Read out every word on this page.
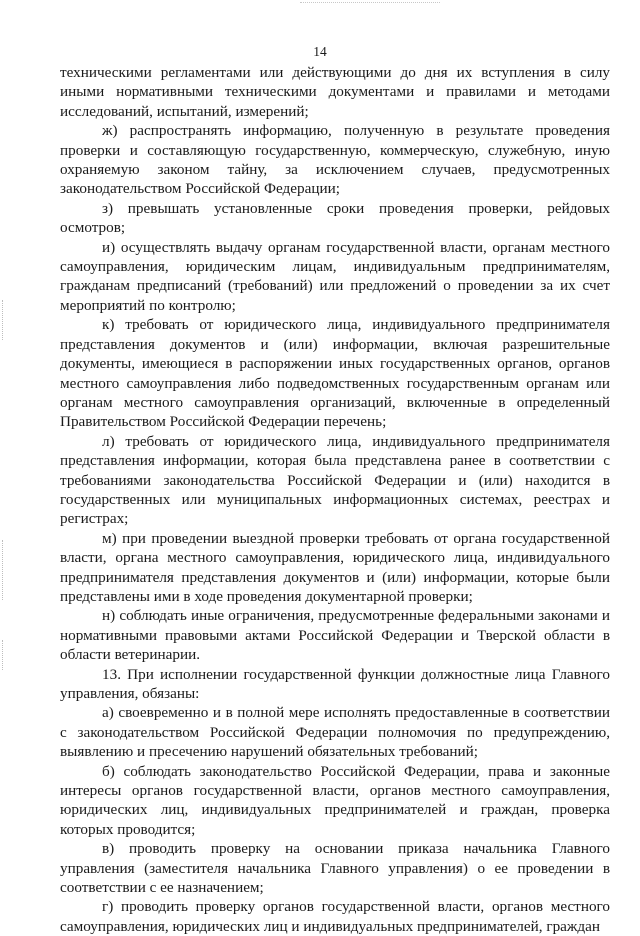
14

техническими регламентами или действующими до дня их вступления в силу иными нормативными техническими документами и правилами и методами исследований, испытаний, измерений;

ж) распространять информацию, полученную в результате проведения проверки и составляющую государственную, коммерческую, служебную, иную охраняемую законом тайну, за исключением случаев, предусмотренных законодательством Российской Федерации;

з) превышать установленные сроки проведения проверки, рейдовых осмотров;

и) осуществлять выдачу органам государственной власти, органам местного самоуправления, юридическим лицам, индивидуальным предпринимателям, гражданам предписаний (требований) или предложений о проведении за их счет мероприятий по контролю;

к) требовать от юридического лица, индивидуального предпринимателя представления документов и (или) информации, включая разрешительные документы, имеющиеся в распоряжении иных государственных органов, органов местного самоуправления либо подведомственных государственным органам или органам местного самоуправления организаций, включенные в определенный Правительством Российской Федерации перечень;

л) требовать от юридического лица, индивидуального предпринимателя представления информации, которая была представлена ранее в соответствии с требованиями законодательства Российской Федерации и (или) находится в государственных или муниципальных информационных системах, реестрах и регистрах;

м) при проведении выездной проверки требовать от органа государственной власти, органа местного самоуправления, юридического лица, индивидуального предпринимателя представления документов и (или) информации, которые были представлены ими в ходе проведения документарной проверки;

н) соблюдать иные ограничения, предусмотренные федеральными законами и нормативными правовыми актами Российской Федерации и Тверской области в области ветеринарии.

13. При исполнении государственной функции должностные лица Главного управления, обязаны:

а) своевременно и в полной мере исполнять предоставленные в соответствии с законодательством Российской Федерации полномочия по предупреждению, выявлению и пресечению нарушений обязательных требований;

б) соблюдать законодательство Российской Федерации, права и законные интересы органов государственной власти, органов местного самоуправления, юридических лиц, индивидуальных предпринимателей и граждан, проверка которых проводится;

в) проводить проверку на основании приказа начальника Главного управления (заместителя начальника Главного управления) о ее проведении в соответствии с ее назначением;

г) проводить проверку органов государственной власти, органов местного самоуправления, юридических лиц и индивидуальных предпринимателей, граждан
